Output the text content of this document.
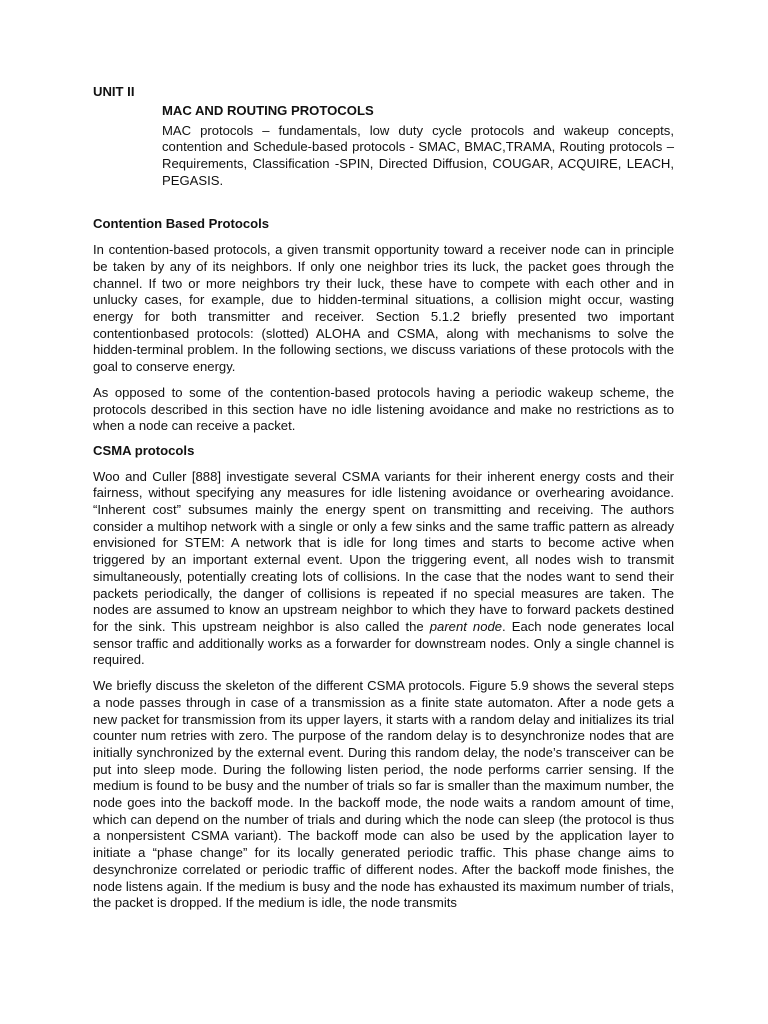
UNIT II

MAC AND ROUTING PROTOCOLS

MAC protocols – fundamentals, low duty cycle protocols and wakeup concepts, contention and Schedule-based protocols - SMAC, BMAC,TRAMA, Routing protocols – Requirements, Classification -SPIN, Directed Diffusion, COUGAR, ACQUIRE, LEACH, PEGASIS.

Contention Based Protocols

In contention-based protocols, a given transmit opportunity toward a receiver node can in principle be taken by any of its neighbors. If only one neighbor tries its luck, the packet goes through the channel. If two or more neighbors try their luck, these have to compete with each other and in unlucky cases, for example, due to hidden-terminal situations, a collision might occur, wasting energy for both transmitter and receiver. Section 5.1.2 briefly presented two important contentionbased protocols: (slotted) ALOHA and CSMA, along with mechanisms to solve the hidden-terminal problem. In the following sections, we discuss variations of these protocols with the goal to conserve energy.

As opposed to some of the contention-based protocols having a periodic wakeup scheme, the protocols described in this section have no idle listening avoidance and make no restrictions as to when a node can receive a packet.

CSMA protocols

Woo and Culler [888] investigate several CSMA variants for their inherent energy costs and their fairness, without specifying any measures for idle listening avoidance or overhearing avoidance. “Inherent cost” subsumes mainly the energy spent on transmitting and receiving. The authors consider a multihop network with a single or only a few sinks and the same traffic pattern as already envisioned for STEM: A network that is idle for long times and starts to become active when triggered by an important external event. Upon the triggering event, all nodes wish to transmit simultaneously, potentially creating lots of collisions. In the case that the nodes want to send their packets periodically, the danger of collisions is repeated if no special measures are taken. The nodes are assumed to know an upstream neighbor to which they have to forward packets destined for the sink. This upstream neighbor is also called the parent node. Each node generates local sensor traffic and additionally works as a forwarder for downstream nodes. Only a single channel is required.

We briefly discuss the skeleton of the different CSMA protocols. Figure 5.9 shows the several steps a node passes through in case of a transmission as a finite state automaton. After a node gets a new packet for transmission from its upper layers, it starts with a random delay and initializes its trial counter num retries with zero. The purpose of the random delay is to desynchronize nodes that are initially synchronized by the external event. During this random delay, the node’s transceiver can be put into sleep mode. During the following listen period, the node performs carrier sensing. If the medium is found to be busy and the number of trials so far is smaller than the maximum number, the node goes into the backoff mode. In the backoff mode, the node waits a random amount of time, which can depend on the number of trials and during which the node can sleep (the protocol is thus a nonpersistent CSMA variant). The backoff mode can also be used by the application layer to initiate a “phase change” for its locally generated periodic traffic. This phase change aims to desynchronize correlated or periodic traffic of different nodes. After the backoff mode finishes, the node listens again. If the medium is busy and the node has exhausted its maximum number of trials, the packet is dropped. If the medium is idle, the node transmits
